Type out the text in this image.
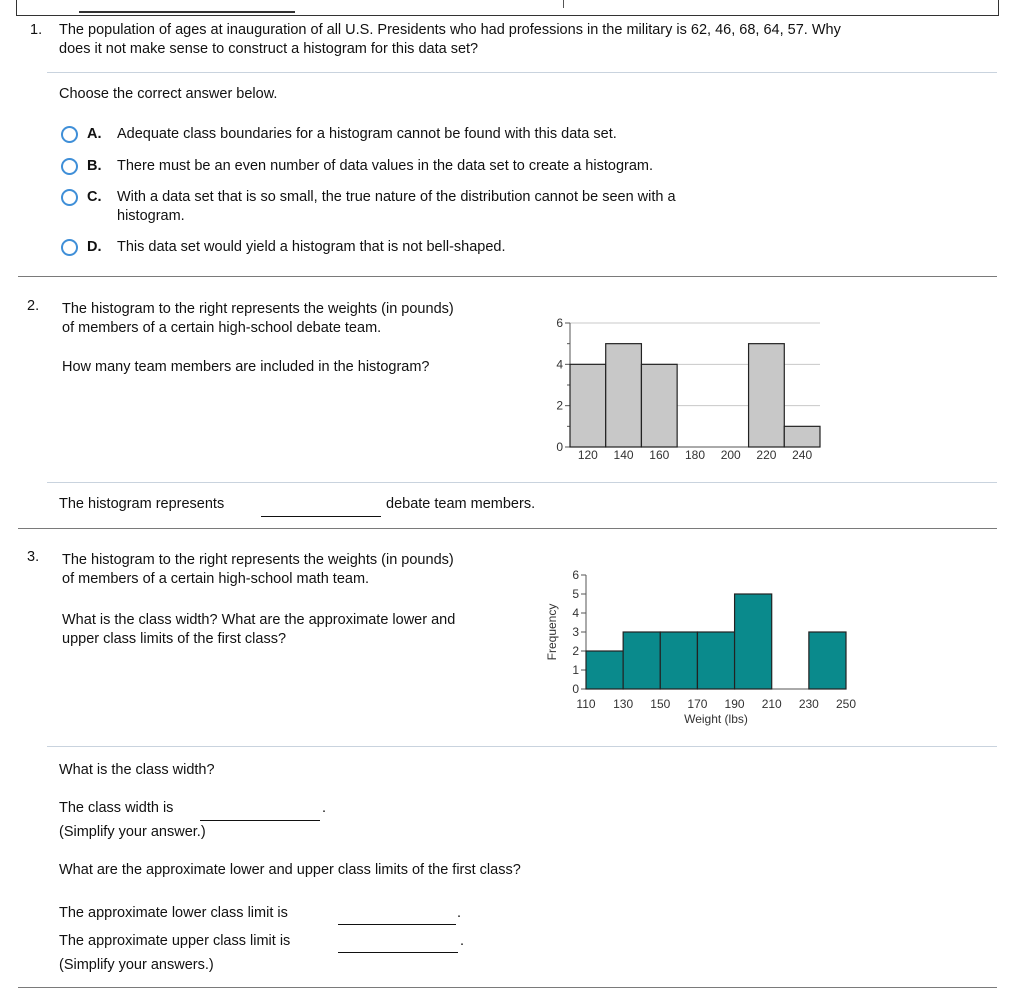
1. The population of ages at inauguration of all U.S. Presidents who had professions in the military is 62, 46, 68, 64, 57. Why
does it not make sense to construct a histogram for this data set?
Choose the correct answer below.
A. Adequate class boundaries for a histogram cannot be found with this data set.
B. There must be an even number of data values in the data set to create a histogram.
C. With a data set that is so small, the true nature of the distribution cannot be seen with a
histogram.
D. This data set would yield a histogram that is not bell-shaped.
2. The histogram to the right represents the weights (in pounds)
of members of a certain high-school debate team.
How many team members are included in the histogram?
0
2
4
6
120 140 160 180 200 220 240
The histogram represents	debate team members.
3. The histogram to the right represents the weights (in pounds)
of members of a certain high-school math team.
What is the class width? What are the approximate lower and
upper class limits of the first class?
0
1
2
3
4
5
6
110 130 150 170 190 210 230 250
Weight (lbs)
Frequency
What is the class width?
The class width is	.
(Simplify your answer.)
What are the approximate lower and upper class limits of the first class?
The approximate lower class limit is	.
The approximate upper class limit is	.
(Simplify your answers.)
